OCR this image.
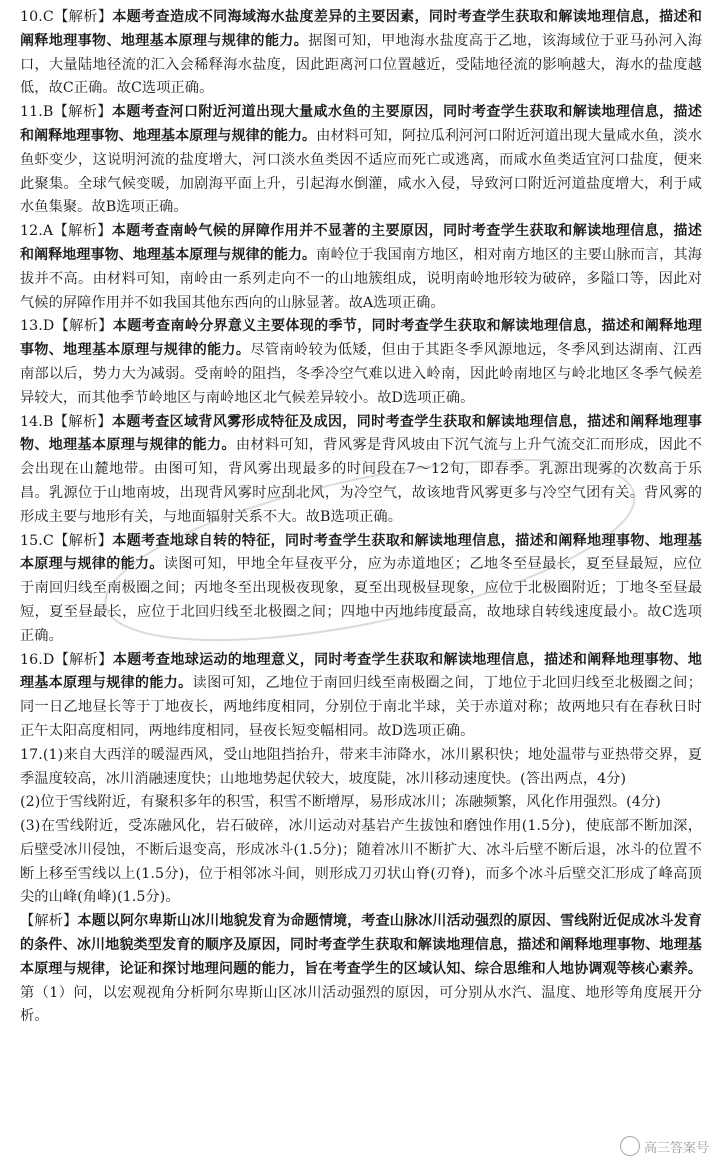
10.C【解析】本题考查造成不同海域海水盐度差异的主要因素，同时考查学生获取和解读地理信息，描述和阐释地理事物、地理基本原理与规律的能力。据图可知，甲地海水盐度高于乙地，该海域位于亚马孙河入海口，大量陆地径流的汇入会稀释海水盐度，因此距离河口位置越近，受陆地径流的影响越大，海水的盐度越低，故C正确。故C选项正确。

11.B【解析】本题考查河口附近河道出现大量咸水鱼的主要原因，同时考查学生获取和解读地理信息，描述和阐释地理事物、地理基本原理与规律的能力。由材料可知，阿拉瓜利河河口附近河道出现大量咸水鱼，淡水鱼虾变少，这说明河流的盐度增大，河口淡水鱼类因不适应而死亡或逃离，而咸水鱼类适宜河口盐度，便来此聚集。全球气候变暖，加剧海平面上升，引起海水倒灌，咸水入侵，导致河口附近河道盐度增大，利于咸水鱼集聚。故B选项正确。

12.A【解析】本题考查南岭气候的屏障作用并不显著的主要原因，同时考查学生获取和解读地理信息，描述和阐释地理事物、地理基本原理与规律的能力。南岭位于我国南方地区，相对南方地区的主要山脉而言，其海拔并不高。由材料可知，南岭由一系列走向不一的山地簇组成，说明南岭地形较为破碎，多隘口等，因此对气候的屏障作用并不如我国其他东西向的山脉显著。故A选项正确。

13.D【解析】本题考查南岭分界意义主要体现的季节，同时考查学生获取和解读地理信息，描述和阐释地理事物、地理基本原理与规律的能力。尽管南岭较为低矮，但由于其距冬季风源地远，冬季风到达湖南、江西南部以后，势力大为减弱。受南岭的阻挡，冬季冷空气难以进入岭南，因此岭南地区与岭北地区冬季气候差异较大，而其他季节岭地区与南岭地区北气候差异较小。故D选项正确。

14.B【解析】本题考查区域背风雾形成特征及成因，同时考查学生获取和解读地理信息，描述和阐释地理事物、地理基本原理与规律的能力。由材料可知，背风雾是背风坡由下沉气流与上升气流交汇而形成，因此不会出现在山麓地带。由图可知，背风雾出现最多的时间段在7～12旬，即春季。乳源出现雾的次数高于乐昌。乳源位于山地南坡，出现背风雾时应刮北风，为冷空气，故该地背风雾更多与冷空气团有关。背风雾的形成主要与地形有关，与地面辐射关系不大。故B选项正确。

15.C【解析】本题考查地球自转的特征，同时考查学生获取和解读地理信息，描述和阐释地理事物、地理基本原理与规律的能力。读图可知，甲地全年昼夜平分，应为赤道地区；乙地冬至昼最长，夏至昼最短，应位于南回归线至南极圈之间；丙地冬至出现极夜现象，夏至出现极昼现象，应位于北极圈附近；丁地冬至昼最短，夏至昼最长，应位于北回归线至北极圈之间；四地中丙地纬度最高，故地球自转线速度最小。故C选项正确。

16.D【解析】本题考查地球运动的地理意义，同时考查学生获取和解读地理信息，描述和阐释地理事物、地理基本原理与规律的能力。读图可知，乙地位于南回归线至南极圈之间，丁地位于北回归线至北极圈之间；同一日乙地昼长等于丁地夜长，两地纬度相同，分别位于南北半球，关于赤道对称；故两地只有在春秋日时正午太阳高度相同，两地纬度相同，昼夜长短变幅相同。故D选项正确。

17.(1)来自大西洋的暖湿西风，受山地阻挡抬升，带来丰沛降水，冰川累积快；地处温带与亚热带交界，夏季温度较高，冰川消融速度快；山地地势起伏较大，坡度陡，冰川移动速度快。(答出两点，4分)

(2)位于雪线附近，有聚积多年的积雪，积雪不断增厚，易形成冰川；冻融频繁，风化作用强烈。(4分)

(3)在雪线附近，受冻融风化，岩石破碎，冰川运动对基岩产生拔蚀和磨蚀作用(1.5分)，使底部不断加深，后壁受冰川侵蚀，不断后退变高，形成冰斗(1.5分)；随着冰川不断扩大、冰斗后壁不断后退，冰斗的位置不断上移至雪线以上(1.5分)，位于相邻冰斗间，则形成刀刃状山脊(刃脊)，而多个冰斗后壁交汇形成了峰高顶尖的山峰(角峰)(1.5分)。

【解析】本题以阿尔卑斯山冰川地貌发育为命题情境，考查山脉冰川活动强烈的原因、雪线附近促成冰斗发育的条件、冰川地貌类型发育的顺序及原因，同时考查学生获取和解读地理信息，描述和阐释地理事物、地理基本原理与规律，论证和探讨地理问题的能力，旨在考查学生的区域认知、综合思维和人地协调观等核心素养。第（1）问，以宏观视角分析阿尔卑斯山区冰川活动强烈的原因，可分别从水汽、温度、地形等角度展开分析。

高三答案号
